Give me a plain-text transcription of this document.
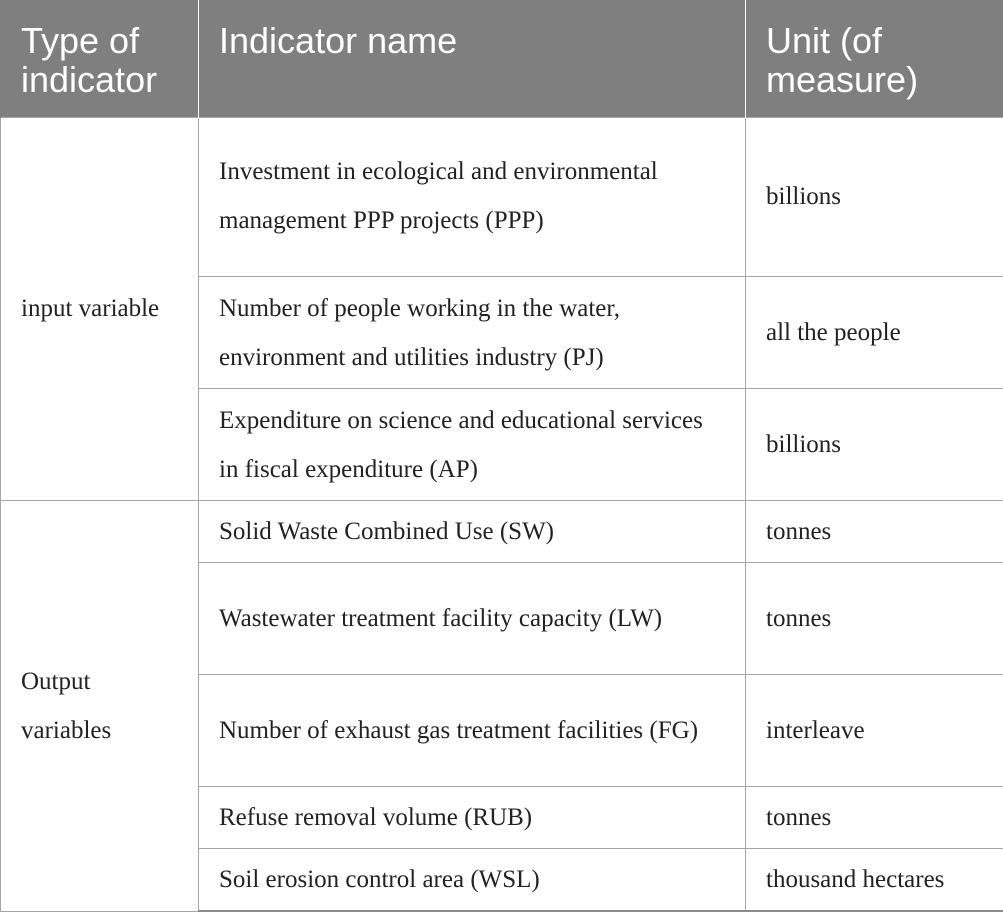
Type of indicator	Indicator name	Unit (of measure)
input variable	Investment in ecological and environmental management PPP projects (PPP)	billions
	Number of people working in the water, environment and utilities industry (PJ)	all the people
	Expenditure on science and educational services in fiscal expenditure (AP)	billions
Output variables	Solid Waste Combined Use (SW)	tonnes
	Wastewater treatment facility capacity (LW)	tonnes
	Number of exhaust gas treatment facilities (FG)	interleave
	Refuse removal volume (RUB)	tonnes
	Soil erosion control area (WSL)	thousand hectares
